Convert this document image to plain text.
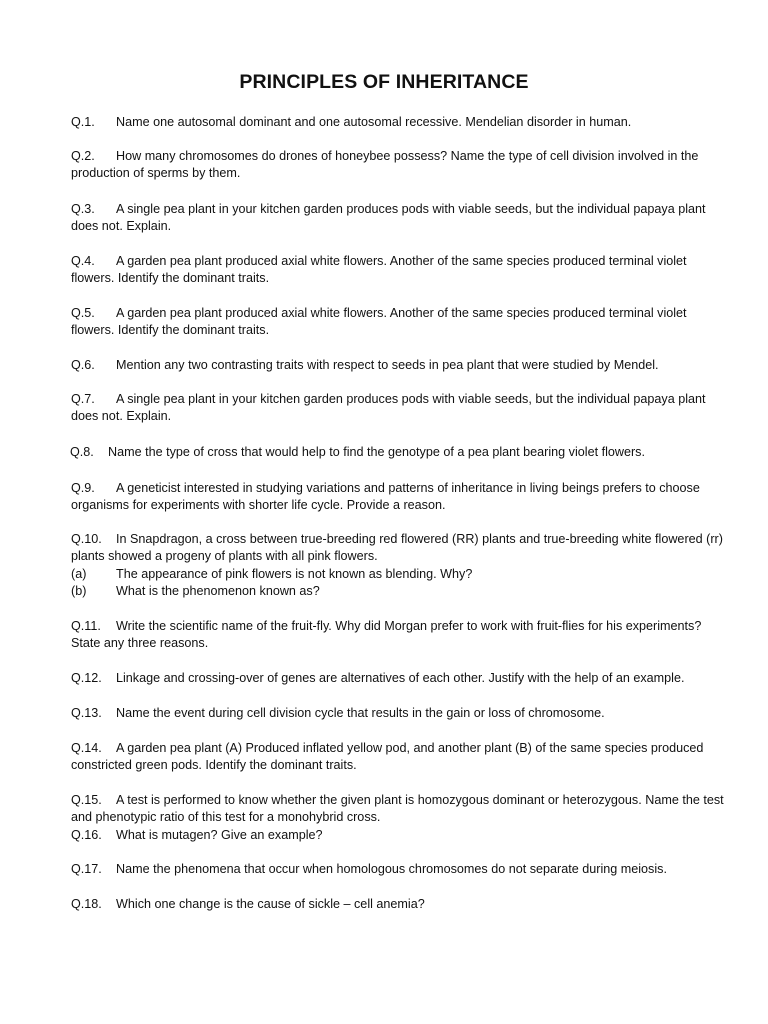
PRINCIPLES OF INHERITANCE
Q.1. Name one autosomal dominant and one autosomal recessive. Mendelian disorder in human.
Q.2. How many chromosomes do drones of honeybee possess? Name the type of cell division involved in the production of sperms by them.
Q.3. A single pea plant in your kitchen garden produces pods with viable seeds, but the individual papaya plant does not. Explain.
Q.4. A garden pea plant produced axial white flowers. Another of the same species produced terminal violet flowers. Identify the dominant traits.
Q.5. A garden pea plant produced axial white flowers. Another of the same species produced terminal violet flowers. Identify the dominant traits.
Q.6. Mention any two contrasting traits with respect to seeds in pea plant that were studied by Mendel.
Q.7. A single pea plant in your kitchen garden produces pods with viable seeds, but the individual papaya plant does not. Explain.
Q.8. Name the type of cross that would help to find the genotype of a pea plant bearing violet flowers.
Q.9. A geneticist interested in studying variations and patterns of inheritance in living beings prefers to choose organisms for experiments with shorter life cycle. Provide a reason.
Q.10. In Snapdragon, a cross between true-breeding red flowered (RR) plants and true-breeding white flowered (rr) plants showed a progeny of plants with all pink flowers.
(a) The appearance of pink flowers is not known as blending. Why?
(b) What is the phenomenon known as?
Q.11. Write the scientific name of the fruit-fly. Why did Morgan prefer to work with fruit-flies for his experiments? State any three reasons.
Q.12. Linkage and crossing-over of genes are alternatives of each other. Justify with the help of an example.
Q.13. Name the event during cell division cycle that results in the gain or loss of chromosome.
Q.14. A garden pea plant (A) Produced inflated yellow pod, and another plant (B) of the same species produced constricted green pods. Identify the dominant traits.
Q.15. A test is performed to know whether the given plant is homozygous dominant or heterozygous. Name the test and phenotypic ratio of this test for a monohybrid cross.
Q.16. What is mutagen? Give an example?
Q.17. Name the phenomena that occur when homologous chromosomes do not separate during meiosis.
Q.18. Which one change is the cause of sickle – cell anemia?
